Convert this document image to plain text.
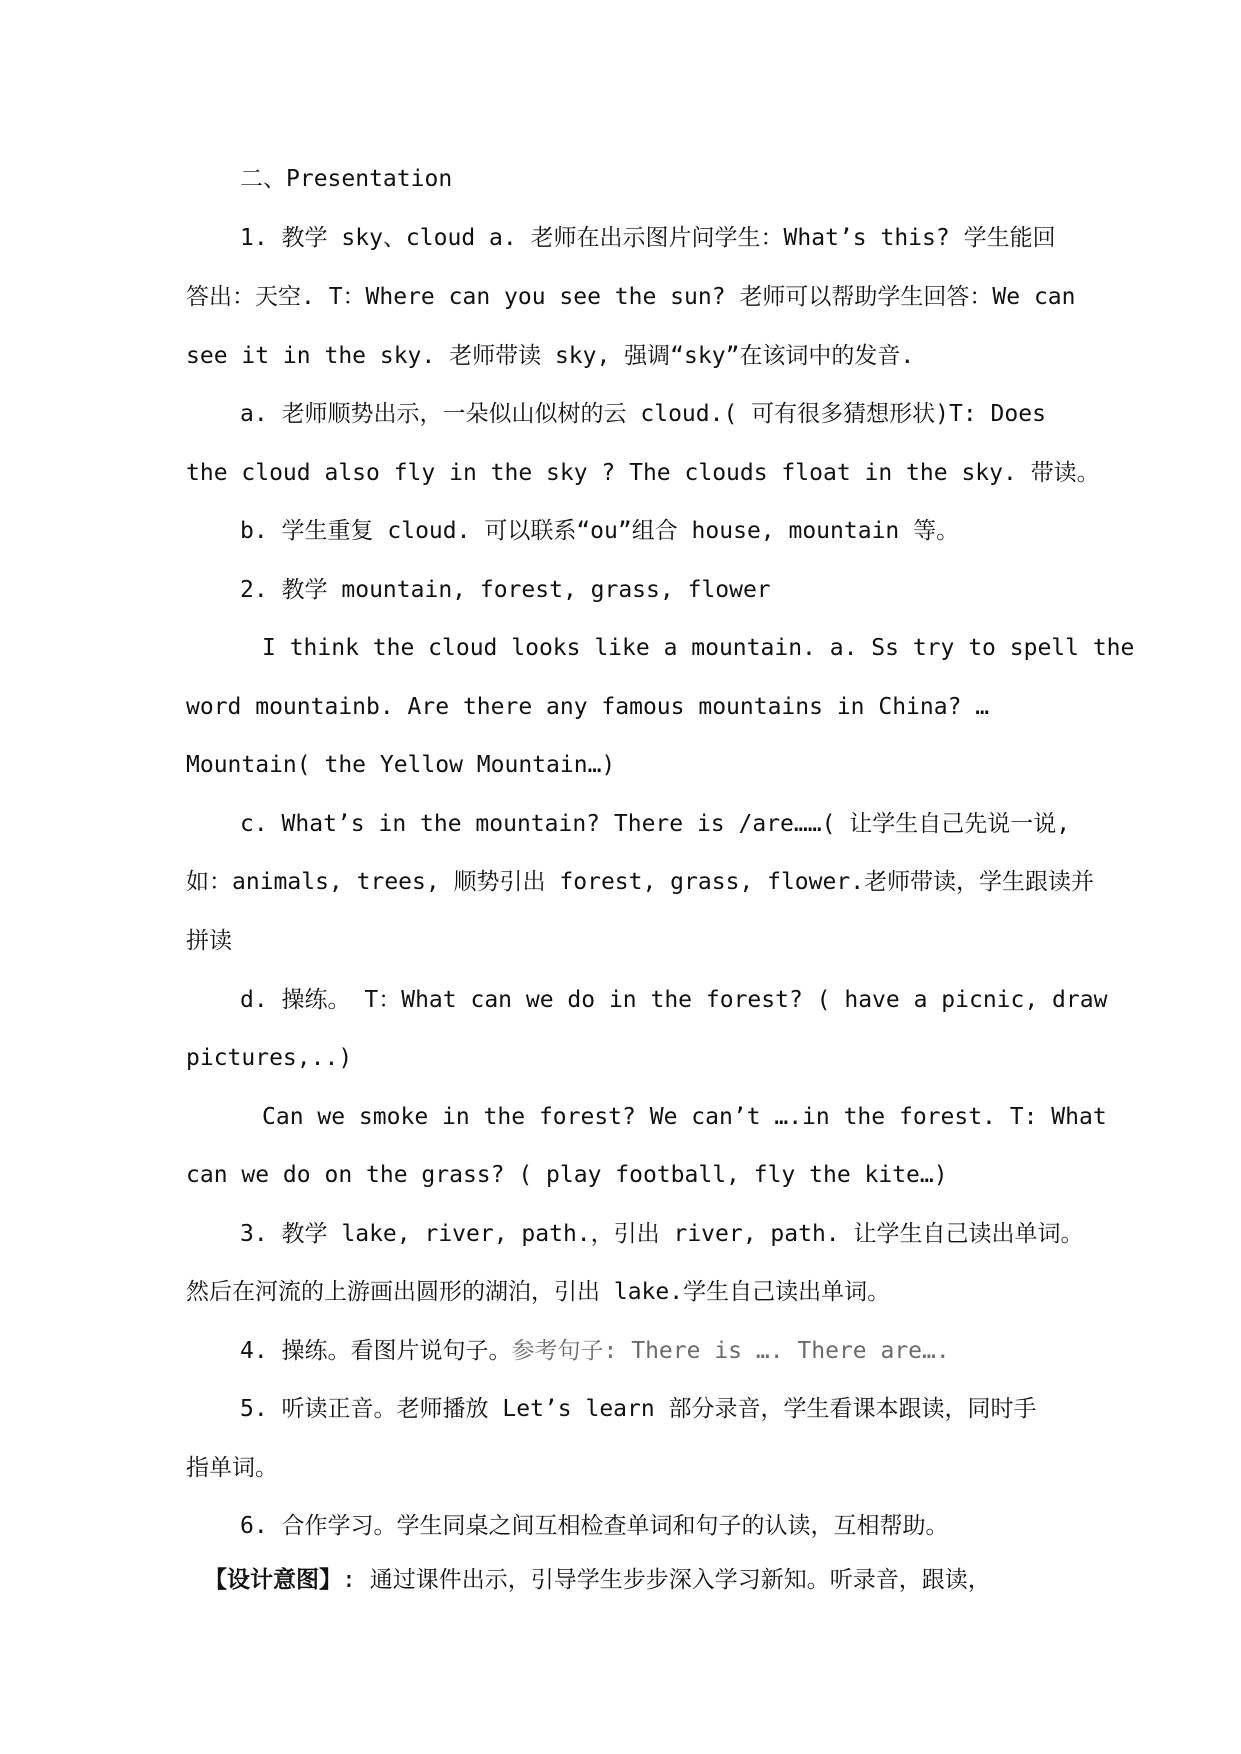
二、Presentation
1. 教学 sky、cloud a. 老师在出示图片问学生：What’s this? 学生能回
答出：天空. T：Where can you see the sun? 老师可以帮助学生回答：We can
see it in the sky. 老师带读 sky, 强调“sky”在该词中的发音.
a. 老师顺势出示，一朵似山似树的云 cloud.( 可有很多猜想形状)T: Does
the cloud also fly in the sky ? The clouds float in the sky. 带读。
b. 学生重复 cloud. 可以联系“ou”组合 house, mountain 等。
2. 教学 mountain, forest, grass, flower
I think the cloud looks like a mountain. a. Ss try to spell the
word mountainb. Are there any famous mountains in China? …
Mountain( the Yellow Mountain…)
c. What’s in the mountain? There is /are……( 让学生自己先说一说,
如：animals, trees, 顺势引出 forest, grass, flower.老师带读，学生跟读并
拼读
d. 操练。 T：What can we do in the forest? ( have a picnic, draw
pictures,..)
Can we smoke in the forest? We can’t ….in the forest. T: What
can we do on the grass? ( play football, fly the kite…)
3. 教学 lake, river, path.，引出 river, path. 让学生自己读出单词。
然后在河流的上游画出圆形的湖泊，引出 lake.学生自己读出单词。
4. 操练。看图片说句子。参考句子: There is …. There are….
5. 听读正音。老师播放 Let’s learn 部分录音，学生看课本跟读，同时手
指单词。
6. 合作学习。学生同桌之间互相检查单词和句子的认读，互相帮助。
【设计意图】: 通过课件出示，引导学生步步深入学习新知。听录音，跟读，
